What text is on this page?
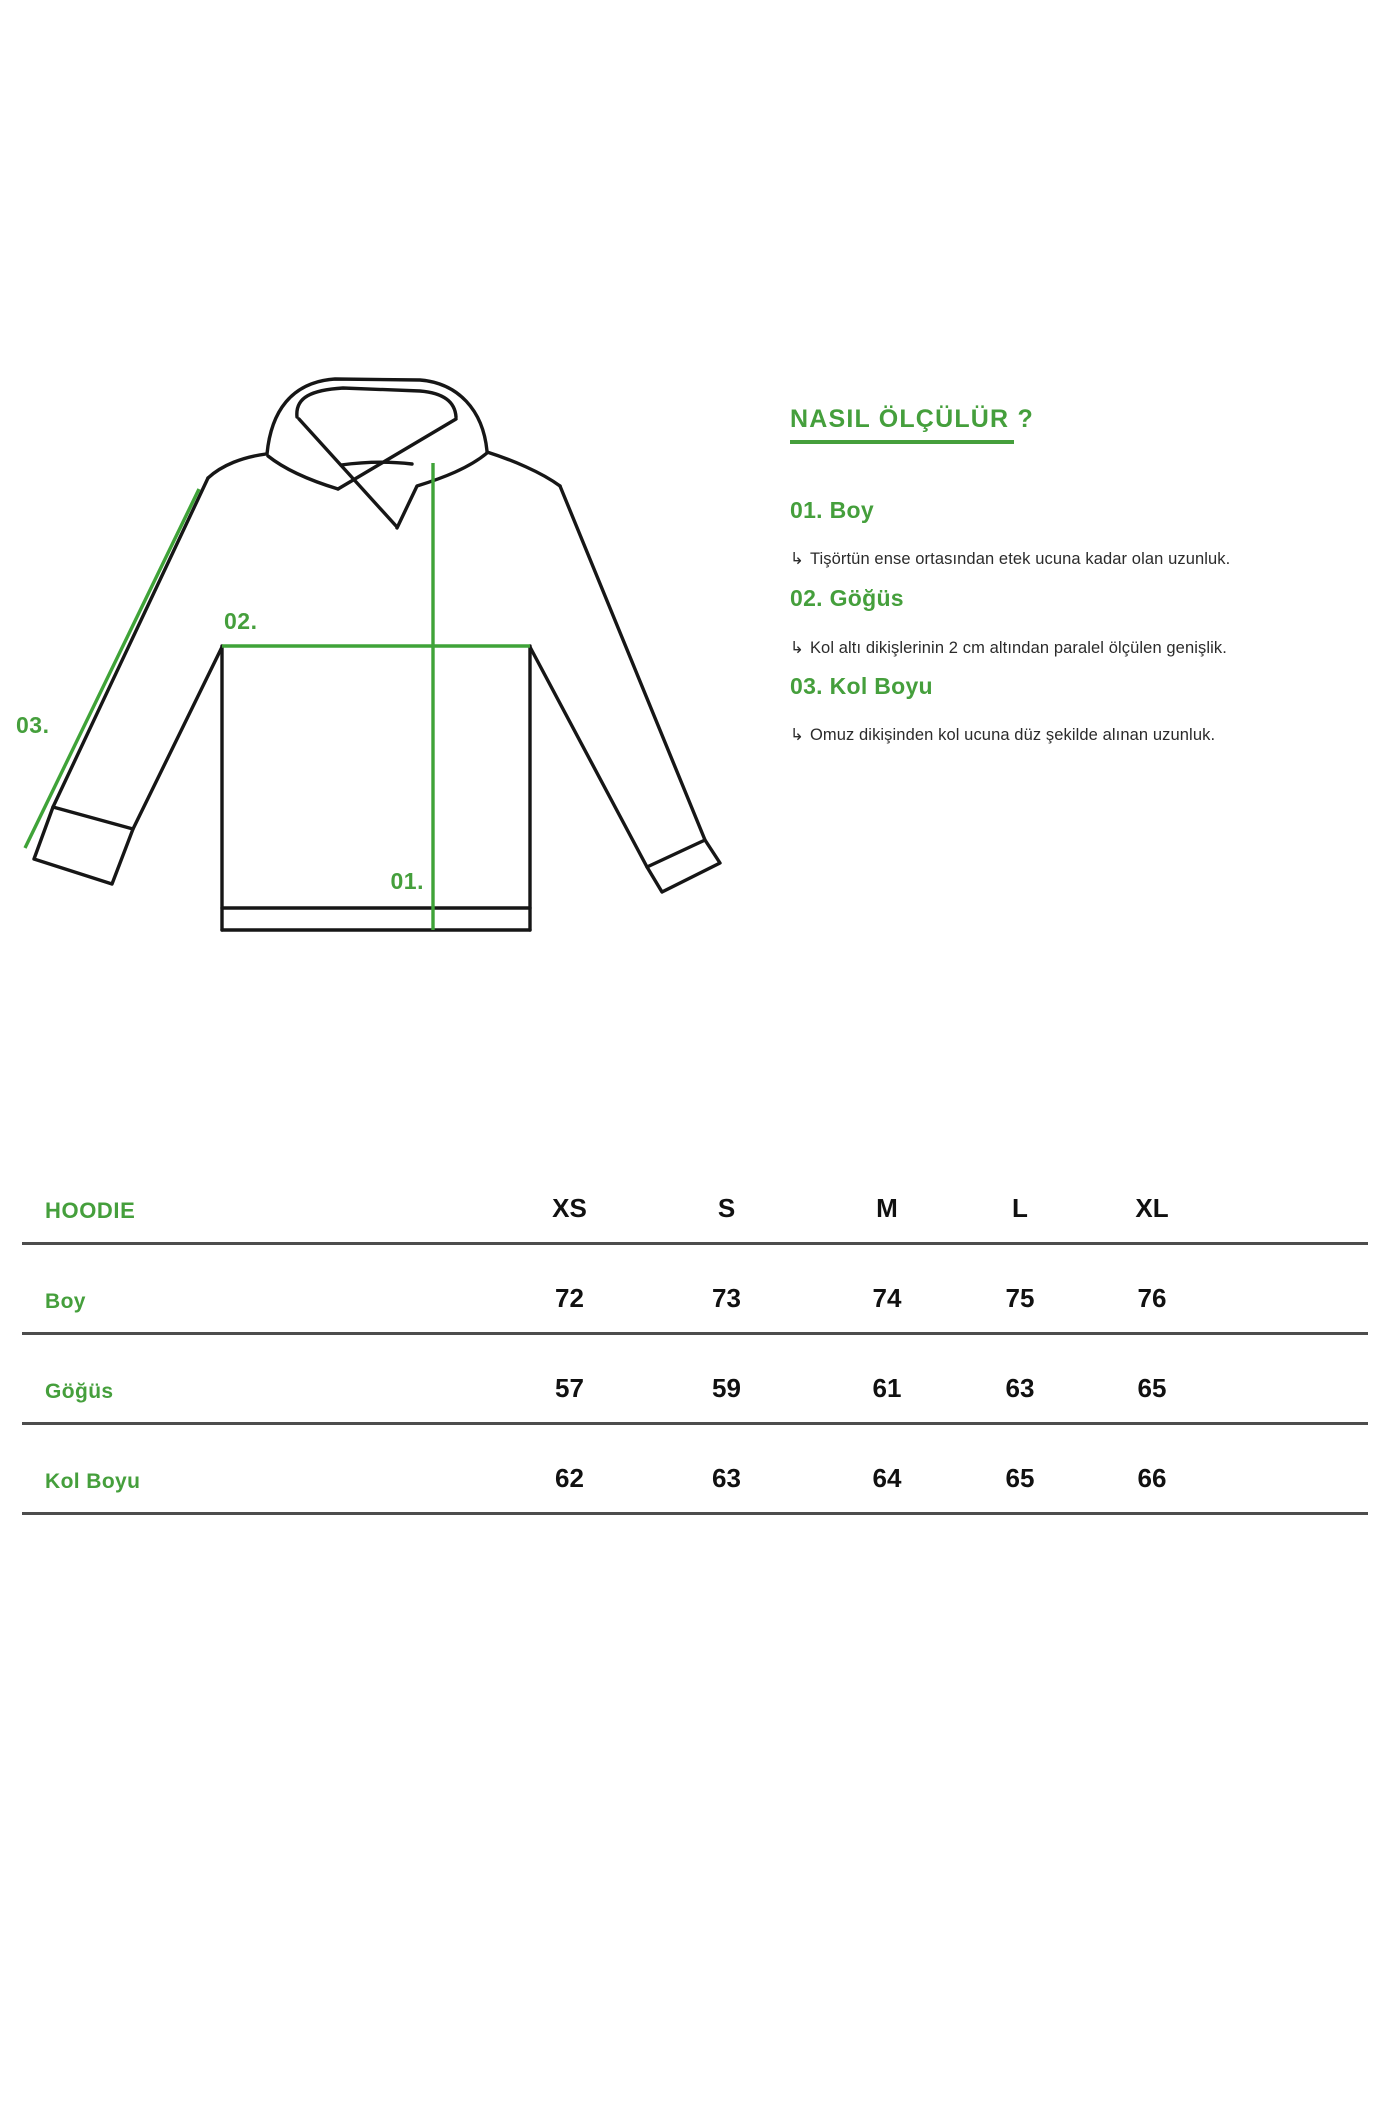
02.
03.
01.
NASIL ÖLÇÜLÜR ?
01. Boy
↳ Tişörtün ense ortasından etek ucuna kadar olan uzunluk.
02. Göğüs
↳ Kol altı dikişlerinin 2 cm altından paralel ölçülen genişlik.
03. Kol Boyu
↳ Omuz dikişinden kol ucuna düz şekilde alınan uzunluk.
HOODIE	XS	S	M	L	XL
Boy	72	73	74	75	76
Göğüs	57	59	61	63	65
Kol Boyu	62	63	64	65	66
